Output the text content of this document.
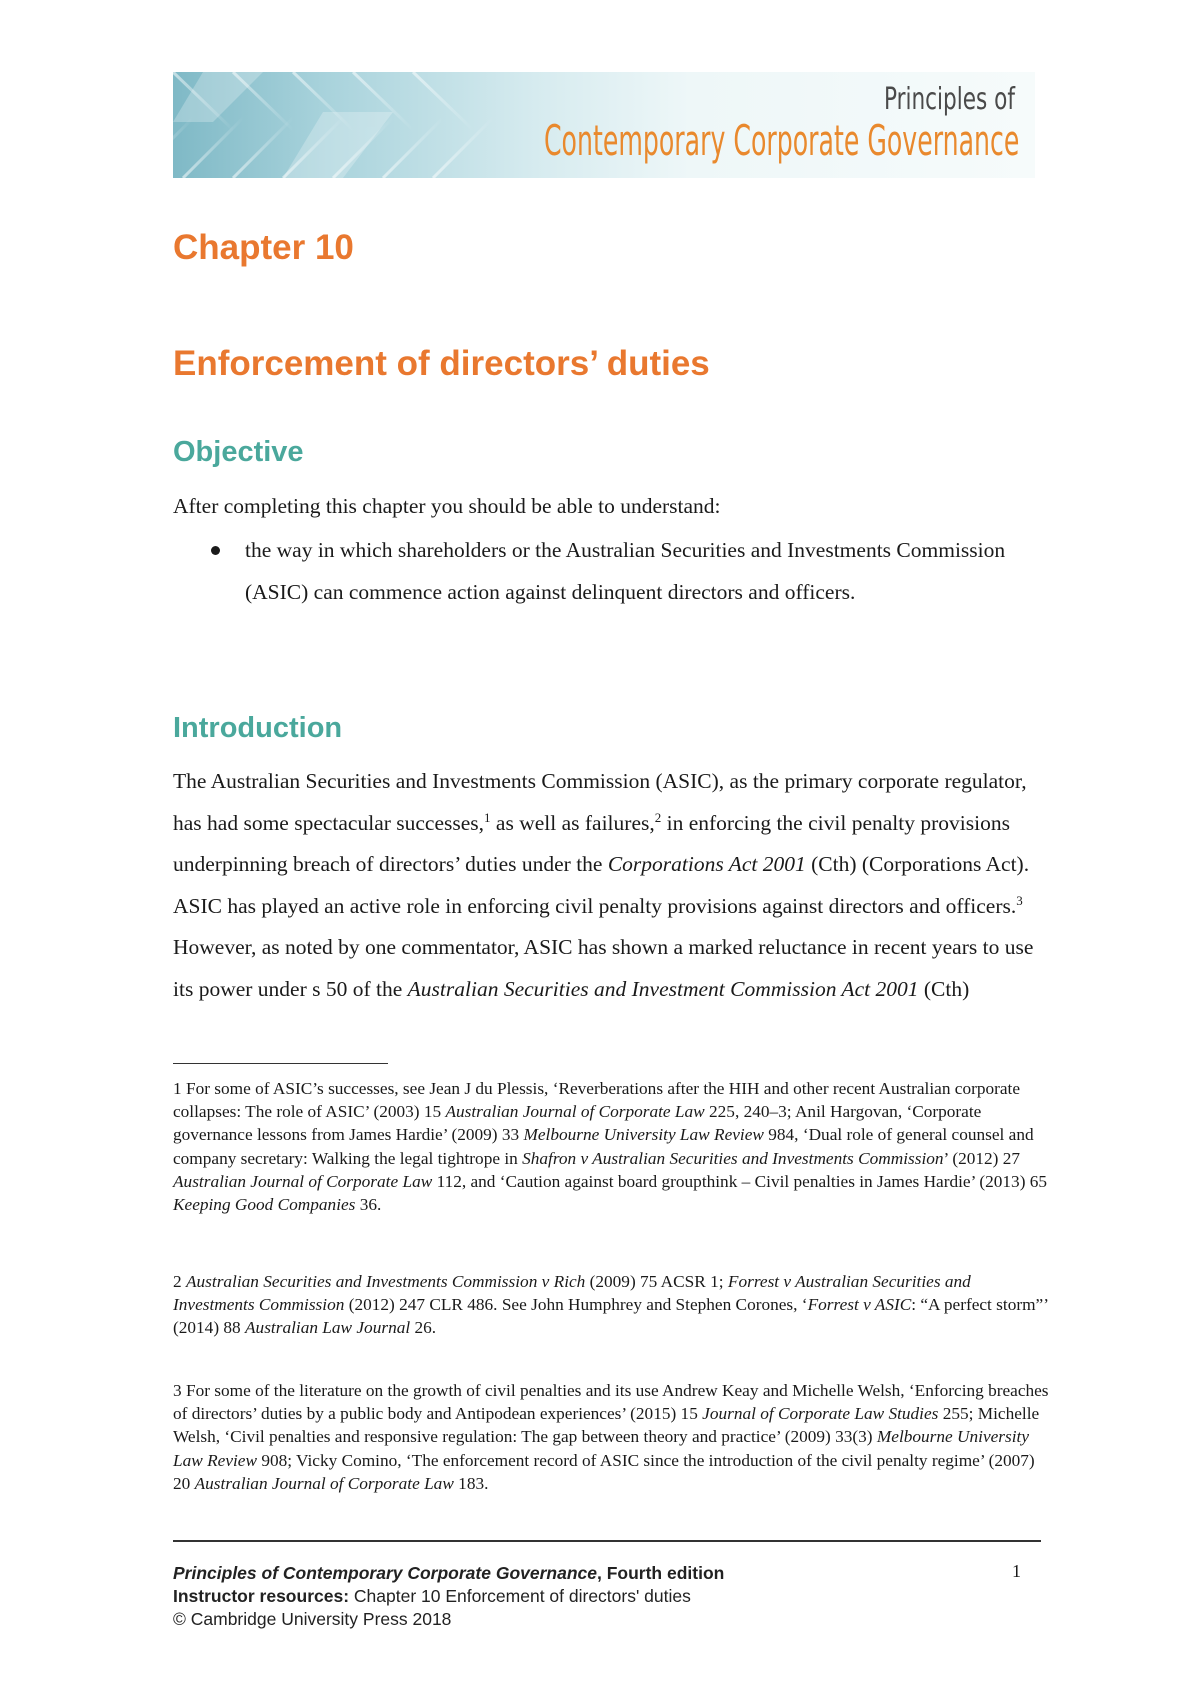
Principles of
Contemporary Corporate Governance
Chapter 10
Enforcement of directors’ duties
Objective

After completing this chapter you should be able to understand:

the way in which shareholders or the Australian Securities and Investments Commission (ASIC) can commence action against delinquent directors and officers.

Introduction

The Australian Securities and Investments Commission (ASIC), as the primary corporate regulator, has had some spectacular successes,$^1$ as well as failures,$^2$ in enforcing the civil penalty provisions underpinning breach of directors’ duties under the Corporations Act 2001 (Cth) (Corporations Act). ASIC has played an active role in enforcing civil penalty provisions against directors and officers.$^3$ However, as noted by one commentator, ASIC has shown a marked reluctance in recent years to use its power under s 50 of the Australian Securities and Investment Commission Act 2001 (Cth)

1 For some of ASIC’s successes, see Jean J du Plessis, ‘Reverberations after the HIH and other recent Australian corporate collapses: The role of ASIC’ (2003) 15 Australian Journal of Corporate Law 225, 240–3; Anil Hargovan, ‘Corporate governance lessons from James Hardie’ (2009) 33 Melbourne University Law Review 984, ‘Dual role of general counsel and company secretary: Walking the legal tightrope in Shafron v Australian Securities and Investments Commission’ (2012) 27 Australian Journal of Corporate Law 112, and ‘Caution against board groupthink – Civil penalties in James Hardie’ (2013) 65 Keeping Good Companies 36.

2 Australian Securities and Investments Commission v Rich (2009) 75 ACSR 1; Forrest v Australian Securities and Investments Commission (2012) 247 CLR 486. See John Humphrey and Stephen Corones, ‘Forrest v ASIC: “A perfect storm”’ (2014) 88 Australian Law Journal 26.

3 For some of the literature on the growth of civil penalties and its use Andrew Keay and Michelle Welsh, ‘Enforcing breaches of directors’ duties by a public body and Antipodean experiences’ (2015) 15 Journal of Corporate Law Studies 255; Michelle Welsh, ‘Civil penalties and responsive regulation: The gap between theory and practice’ (2009) 33(3) Melbourne University Law Review 908; Vicky Comino, ‘The enforcement record of ASIC since the introduction of the civil penalty regime’ (2007) 20 Australian Journal of Corporate Law 183.

Principles of Contemporary Corporate Governance, Fourth edition
Instructor resources: Chapter 10 Enforcement of directors' duties
© Cambridge University Press 2018
1
